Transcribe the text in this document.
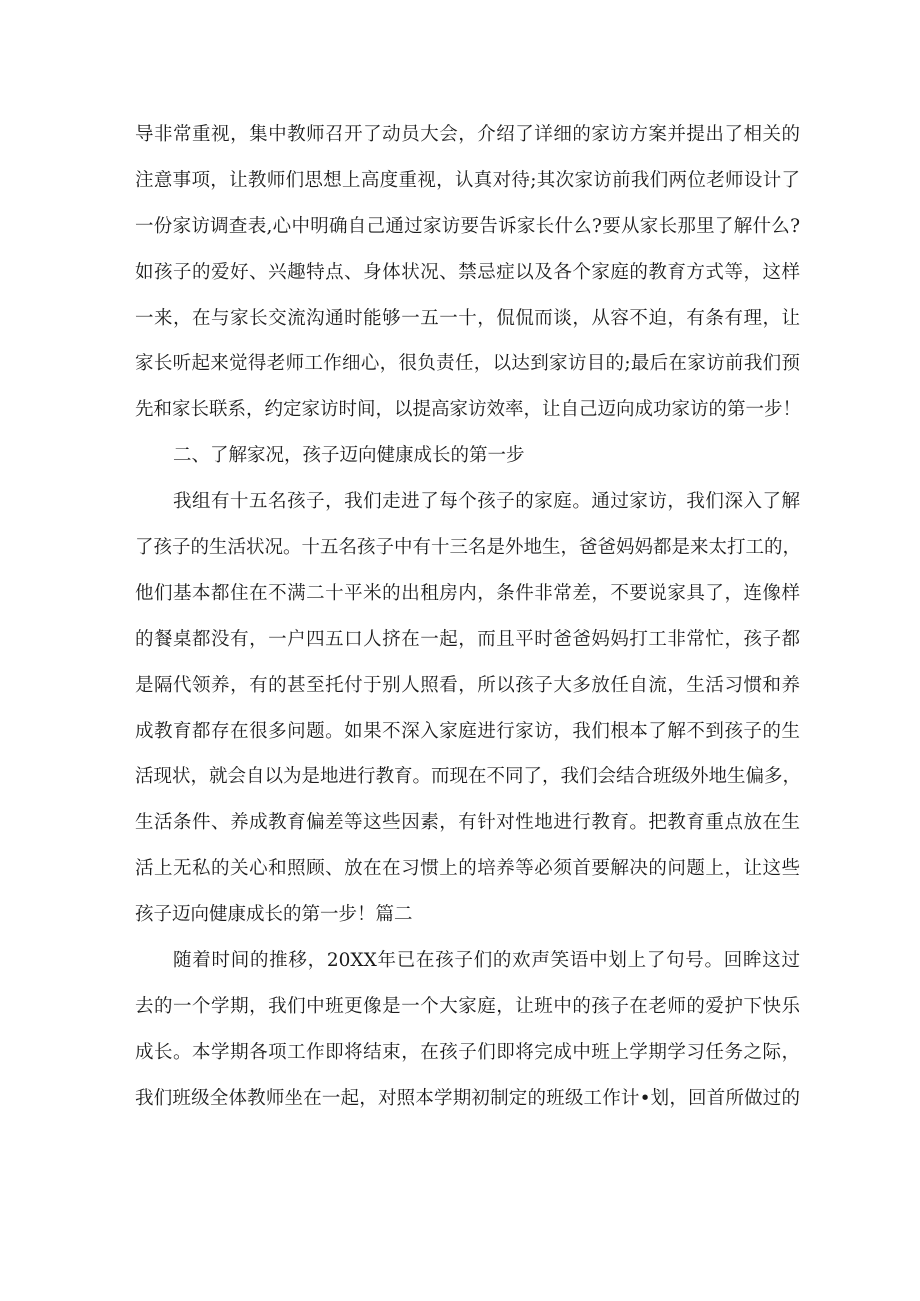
导非常重视，集中教师召开了动员大会，介绍了详细的家访方案并提出了相关的
注意事项，让教师们思想上高度重视，认真对待;其次家访前我们两位老师设计了
一份家访调查表,心中明确自己通过家访要告诉家长什么?要从家长那里了解什么?
如孩子的爱好、兴趣特点、身体状况、禁忌症以及各个家庭的教育方式等，这样
一来，在与家长交流沟通时能够一五一十，侃侃而谈，从容不迫，有条有理，让
家长听起来觉得老师工作细心，很负责任，以达到家访目的;最后在家访前我们预
先和家长联系，约定家访时间，以提高家访效率，让自己迈向成功家访的第一步！
二、了解家况，孩子迈向健康成长的第一步
我组有十五名孩子，我们走进了每个孩子的家庭。通过家访，我们深入了解
了孩子的生活状况。十五名孩子中有十三名是外地生，爸爸妈妈都是来太打工的，
他们基本都住在不满二十平米的出租房内，条件非常差，不要说家具了，连像样
的餐桌都没有，一户四五口人挤在一起，而且平时爸爸妈妈打工非常忙，孩子都
是隔代领养，有的甚至托付于别人照看，所以孩子大多放任自流，生活习惯和养
成教育都存在很多问题。如果不深入家庭进行家访，我们根本了解不到孩子的生
活现状，就会自以为是地进行教育。而现在不同了，我们会结合班级外地生偏多，
生活条件、养成教育偏差等这些因素，有针对性地进行教育。把教育重点放在生
活上无私的关心和照顾、放在在习惯上的培养等必须首要解决的问题上，让这些
孩子迈向健康成长的第一步！篇二
随着时间的推移，20XX年已在孩子们的欢声笑语中划上了句号。回眸这过
去的一个学期，我们中班更像是一个大家庭，让班中的孩子在老师的爱护下快乐
成长。本学期各项工作即将结束，在孩子们即将完成中班上学期学习任务之际，
我们班级全体教师坐在一起，对照本学期初制定的班级工作计•划，回首所做过的
